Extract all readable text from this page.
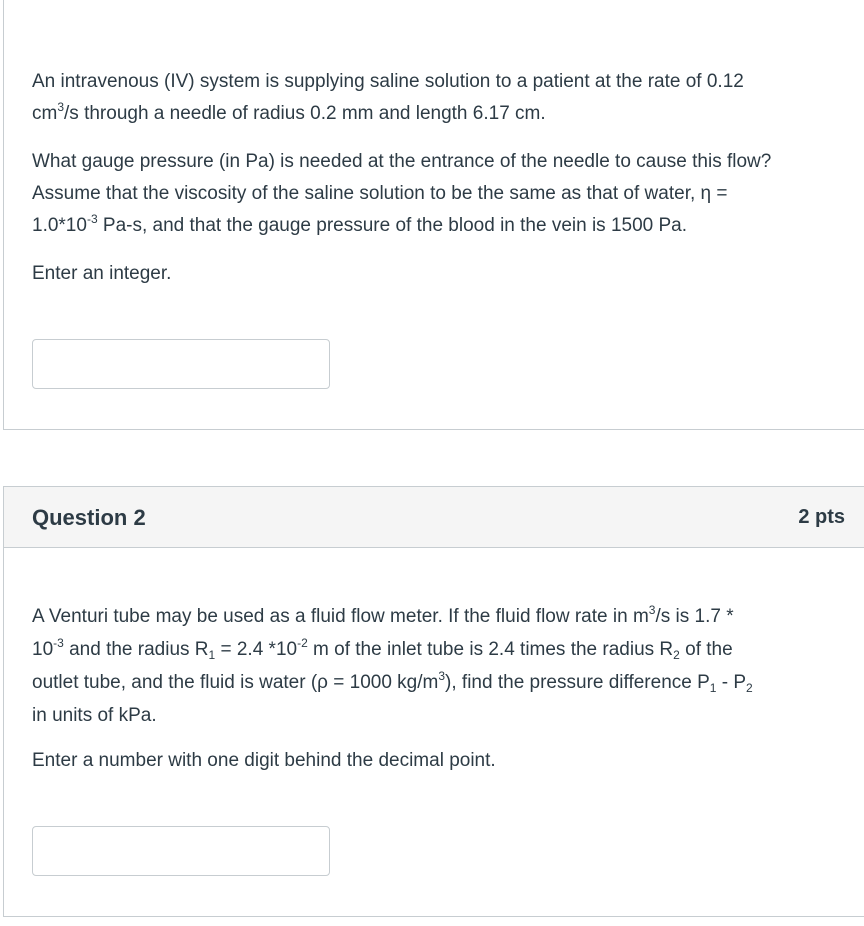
An intravenous (IV) system is supplying saline solution to a patient at the rate of 0.12
$cm^3/s$ through a needle of radius 0.2 mm and length 6.17 cm.
What gauge pressure (in Pa) is needed at the entrance of the needle to cause this flow?
Assume that the viscosity of the saline solution to be the same as that of water, η =
$1.0*10^{-3}$ Pa-s, and that the gauge pressure of the blood in the vein is 1500 Pa.
Enter an integer.
Question 2	2 pts
A Venturi tube may be used as a fluid flow meter. If the fluid flow rate in $m^3/s$ is 1.7 *
$10^{-3}$ and the radius $R_1 = 2.4$ $*10^{-2}$ m of the inlet tube is 2.4 times the radius $R_2$ of the
outlet tube, and the fluid is water (ρ = 1000 $kg/m^3$), find the pressure difference $P_1 - P_2$
in units of kPa.
Enter a number with one digit behind the decimal point.
